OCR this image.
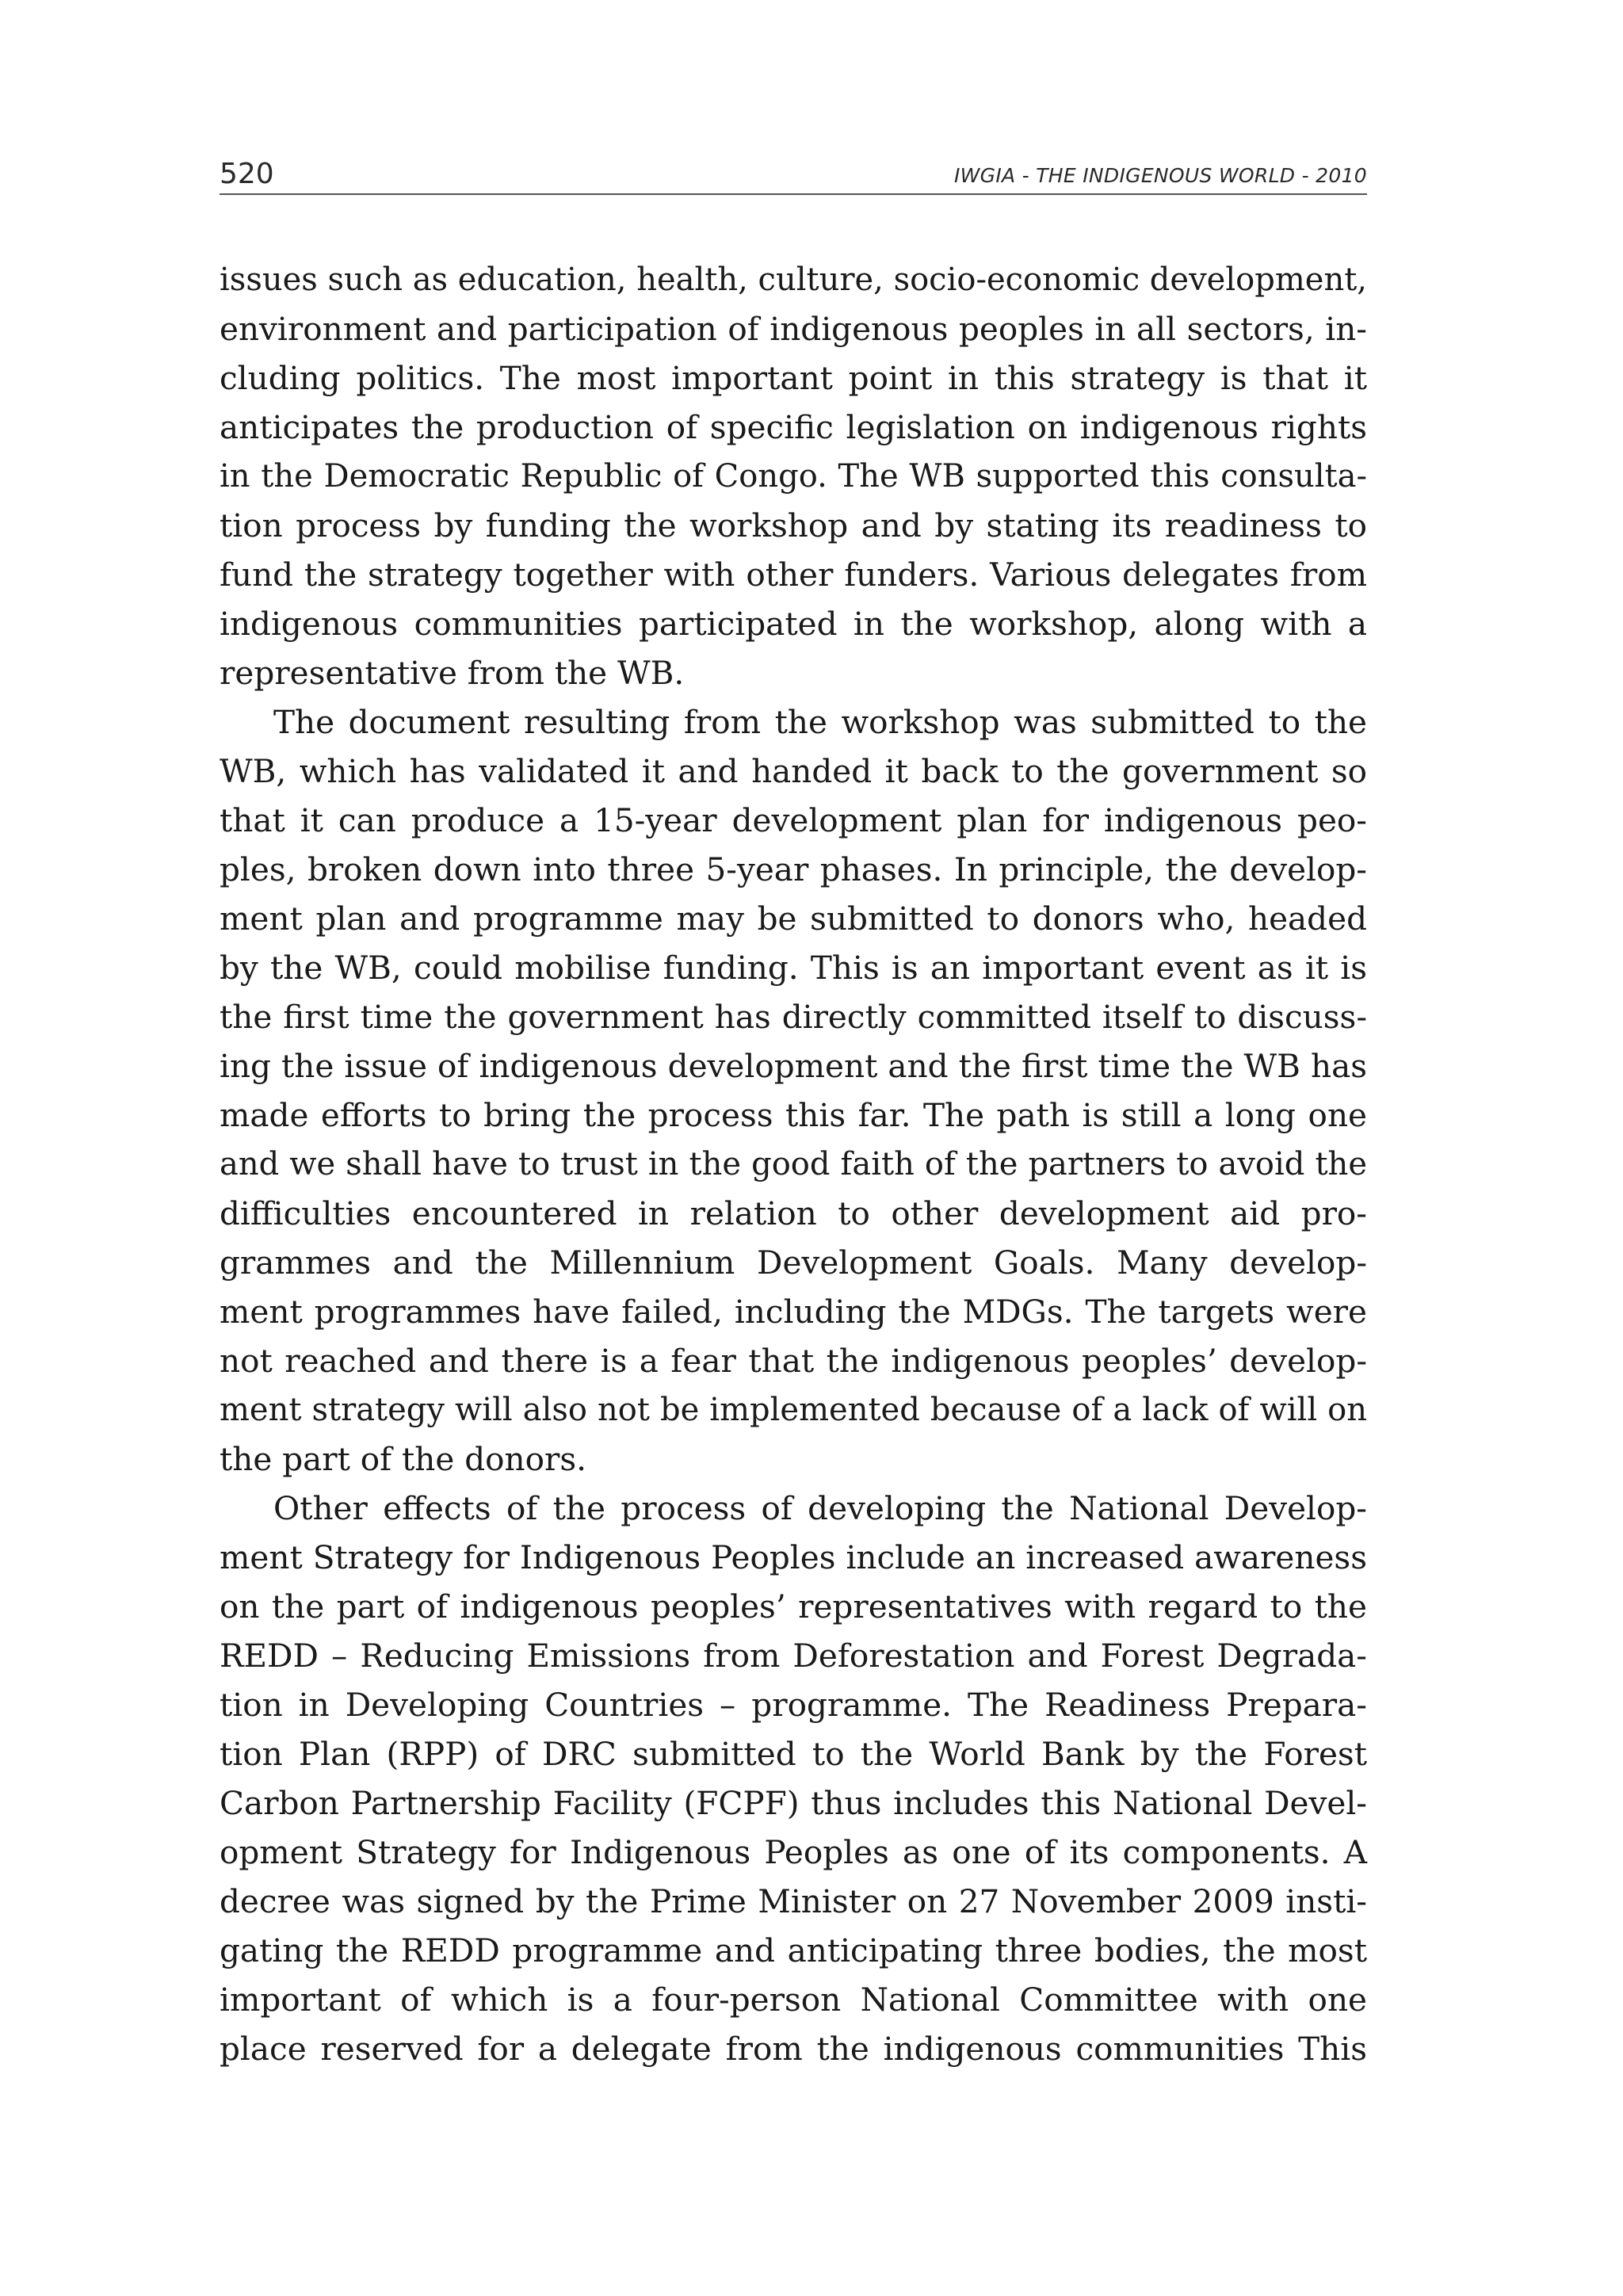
520	IWGIA - THE INDIGENOUS WORLD - 2010
issues such as education, health, culture, socio-economic development,
environment and participation of indigenous peoples in all sectors, in-
cluding politics. The most important point in this strategy is that it
anticipates the production of specific legislation on indigenous rights
in the Democratic Republic of Congo. The WB supported this consulta-
tion process by funding the workshop and by stating its readiness to
fund the strategy together with other funders. Various delegates from
indigenous communities participated in the workshop, along with a
representative from the WB.
The document resulting from the workshop was submitted to the
WB, which has validated it and handed it back to the government so
that it can produce a 15-year development plan for indigenous peo-
ples, broken down into three 5-year phases. In principle, the develop-
ment plan and programme may be submitted to donors who, headed
by the WB, could mobilise funding. This is an important event as it is
the first time the government has directly committed itself to discuss-
ing the issue of indigenous development and the first time the WB has
made efforts to bring the process this far. The path is still a long one
and we shall have to trust in the good faith of the partners to avoid the
difficulties encountered in relation to other development aid pro-
grammes and the Millennium Development Goals. Many develop-
ment programmes have failed, including the MDGs. The targets were
not reached and there is a fear that the indigenous peoples’ develop-
ment strategy will also not be implemented because of a lack of will on
the part of the donors.
Other effects of the process of developing the National Develop-
ment Strategy for Indigenous Peoples include an increased awareness
on the part of indigenous peoples’ representatives with regard to the
REDD – Reducing Emissions from Deforestation and Forest Degrada-
tion in Developing Countries – programme. The Readiness Prepara-
tion Plan (RPP) of DRC submitted to the World Bank by the Forest
Carbon Partnership Facility (FCPF) thus includes this National Devel-
opment Strategy for Indigenous Peoples as one of its components. A
decree was signed by the Prime Minister on 27 November 2009 insti-
gating the REDD programme and anticipating three bodies, the most
important of which is a four-person National Committee with one
place reserved for a delegate from the indigenous communities This
